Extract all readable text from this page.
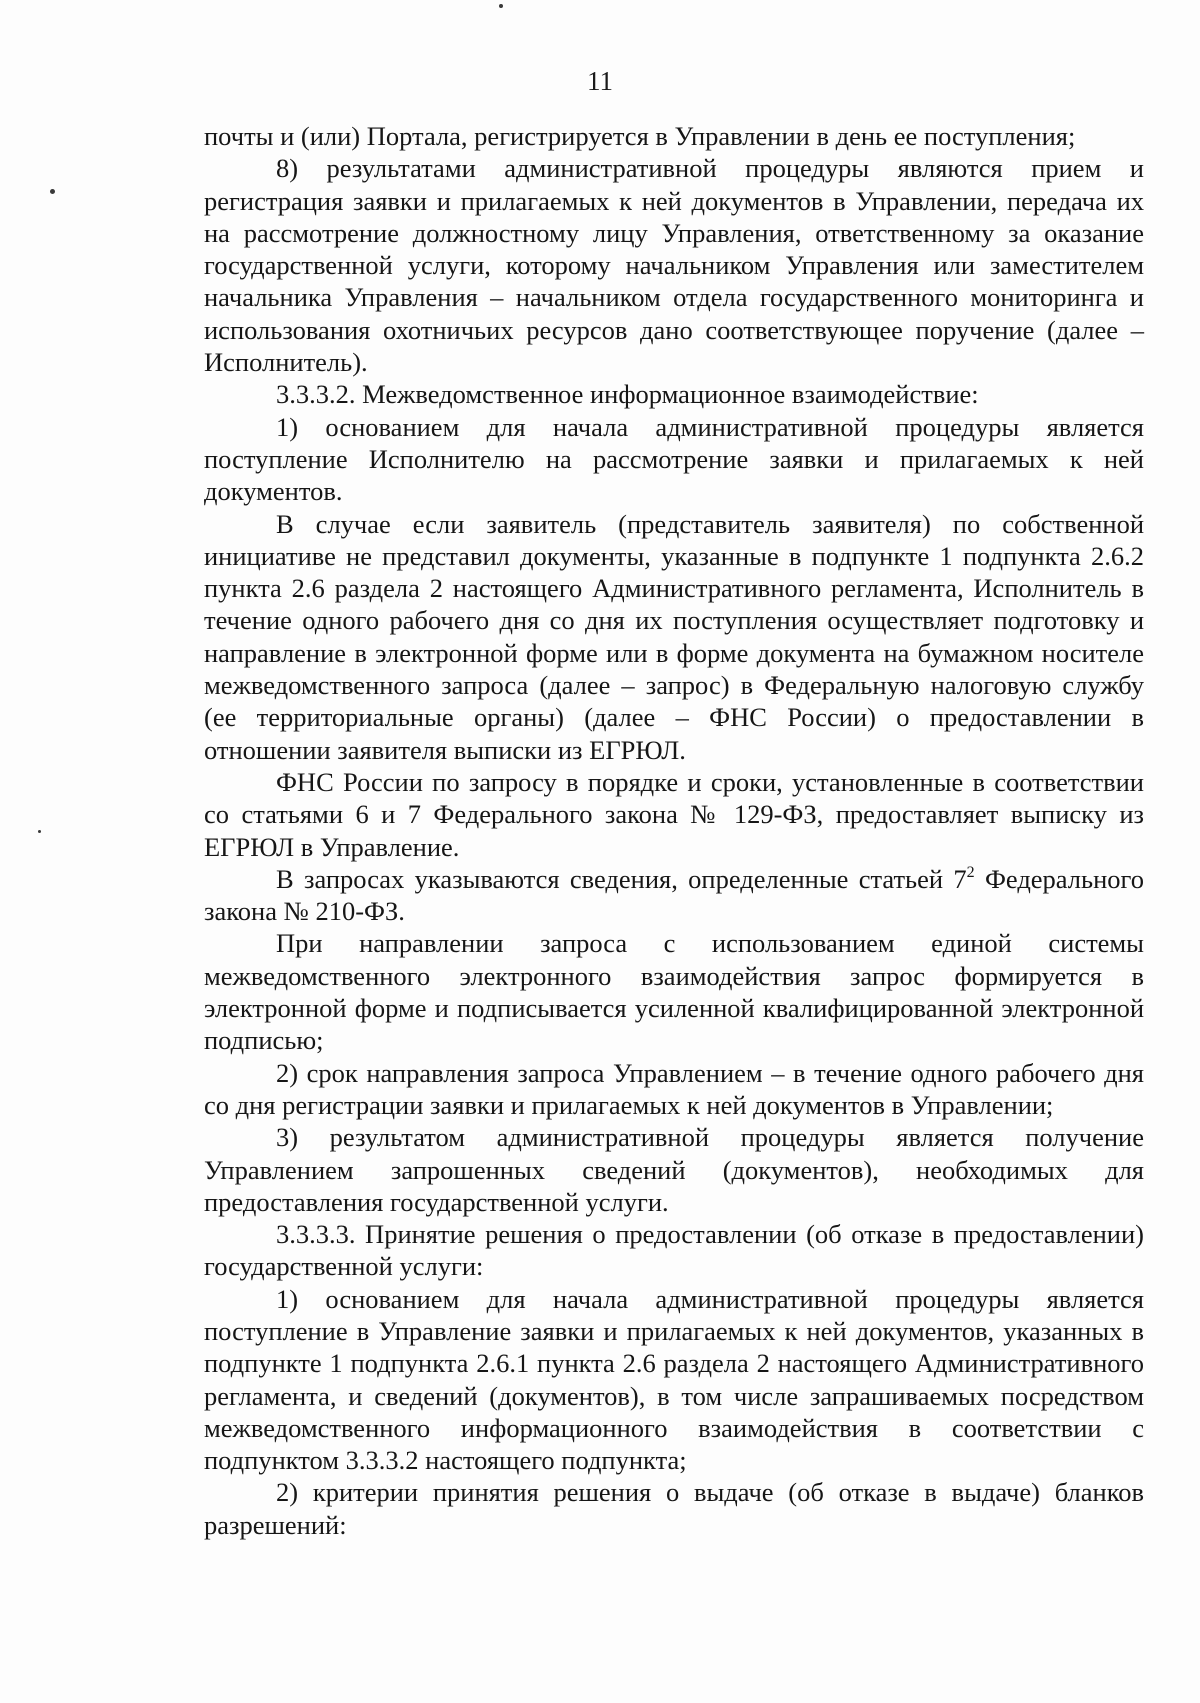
11

почты и (или) Портала, регистрируется в Управлении в день ее поступления;

8) результатами административной процедуры являются прием и регистрация заявки и прилагаемых к ней документов в Управлении, передача их на рассмотрение должностному лицу Управления, ответственному за оказание государственной услуги, которому начальником Управления или заместителем начальника Управления – начальником отдела государственного мониторинга и использования охотничьих ресурсов дано соответствующее поручение (далее – Исполнитель).

3.3.3.2. Межведомственное информационное взаимодействие:

1) основанием для начала административной процедуры является поступление Исполнителю на рассмотрение заявки и прилагаемых к ней документов.

В случае если заявитель (представитель заявителя) по собственной инициативе не представил документы, указанные в подпункте 1 подпункта 2.6.2 пункта 2.6 раздела 2 настоящего Административного регламента, Исполнитель в течение одного рабочего дня со дня их поступления осуществляет подготовку и направление в электронной форме или в форме документа на бумажном носителе межведомственного запроса (далее – запрос) в Федеральную налоговую службу (ее территориальные органы) (далее – ФНС России) о предоставлении в отношении заявителя выписки из ЕГРЮЛ.

ФНС России по запросу в порядке и сроки, установленные в соответствии со статьями 6 и 7 Федерального закона № 129-ФЗ, предоставляет выписку из ЕГРЮЛ в Управление.

В запросах указываются сведения, определенные статьей $7^2$ Федерального закона № 210-ФЗ.

При направлении запроса с использованием единой системы межведомственного электронного взаимодействия запрос формируется в электронной форме и подписывается усиленной квалифицированной электронной подписью;

2) срок направления запроса Управлением – в течение одного рабочего дня со дня регистрации заявки и прилагаемых к ней документов в Управлении;

3) результатом административной процедуры является получение Управлением запрошенных сведений (документов), необходимых для предоставления государственной услуги.

3.3.3.3. Принятие решения о предоставлении (об отказе в предоставлении) государственной услуги:

1) основанием для начала административной процедуры является поступление в Управление заявки и прилагаемых к ней документов, указанных в подпункте 1 подпункта 2.6.1 пункта 2.6 раздела 2 настоящего Административного регламента, и сведений (документов), в том числе запрашиваемых посредством межведомственного информационного взаимодействия в соответствии с подпунктом 3.3.3.2 настоящего подпункта;

2) критерии принятия решения о выдаче (об отказе в выдаче) бланков разрешений:
